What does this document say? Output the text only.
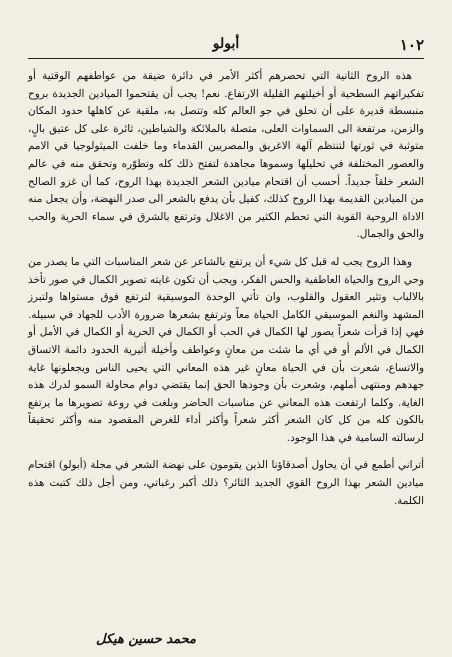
١٠٢
أبولو

هذه الروح الثانية التي تحصرهم أكثر الأمر في دائرة ضيقة من عواطفهم الوقتية أو تفكيراتهم السطحية أو أخيلتهم القليلة الارتفاع. نعم! يجب أن يقتحموا الميادين الجديدة بروح منبسطة قديرة على أن تحلق في جو العالم كله وتتصل به، ملقية عن كاهلها حدود المكان والزمن، مرتفعة الى السماوات العلى، متصلة بالملائكة والشياطين، ثائرة على كل عتيق بالٍ، متوثبة في ثورتها لتنتظم آلهة الاغريق والمصريين القدماء وما خلفت الميثولوجيا في الامم والعصور المختلفة في تحليلها وسموها مجاهدة لتفتح ذلك كله وتطوّره وتحقق منه في عالم الشعر خلقاً جديداً. أحسب أن اقتحام ميادين الشعر الجديدة بهذا الروح، كما أن غزو الصالح من الميادين القديمة بهذا الروح كذلك، كفيل بأن يدفع بالشعر الى صدر النهضة، وأن يجعل منه الاداة الروحية القوية التي تحطم الكثير من الاغلال وترتفع بالشرق في سماء الحرية والحب والحق والجمال.

وهذا الروح يجب له قبل كل شيء أن يرتفع بالشاعر عن شعر المناسبات التي ما يصدر من وحي الروح والحياة العاطفية والحس الفكر، ويجب أن تكون غايته تصوير الكمال في صور تأخذ بالالباب وتثير العقول والقلوب، وان تأتي الوحدة الموسيقية لترتفع فوق مستواها ولتبرز المشهد والنغم الموسيقي الكامل الحياة معاً وترتفع بشعرها ضرورة الأدب للجهاد في سبيله. فهي إذا قرأت شعراً يصور لها الكمال في الحب أو الكمال في الحرية أو الكمال في الأمل أو الكمال في الألم أو في أي ما شئت من معانٍ وعواطف وأخيلة أثيرية الحدود دائمة الاتساق والاتساع، شعرت بأن في الحياة معانٍ غير هذه المعاني التي يحيى الناس ويجعلونها غاية جهدهم ومنتهى أملهم، وشعرت بأن وجودها الحق إنما يقتضي دوام محاولة السمو لدرك هذه الغاية. وكلما ارتفعت هذه المعاني عن مناسبات الحاضر وبلغت في روعة تصويرها ما يرتفع بالكون كله من كل كان الشعر أكثر شعراً وأكثر أداء للغرض المقصود منه وأكثر تحقيقاً لرسالته السامية في هذا الوجود.

أتراني أطمع في أن يحاول أصدقاؤنا الذين يقومون على نهضة الشعر في مجلة (أبولو) اقتحام ميادين الشعر بهذا الروح القوي الجديد الثائر؟ ذلك أكبر رغباتي، ومن أجل ذلك كتبت هذه الكلمة.

محمد حسين هيكل
